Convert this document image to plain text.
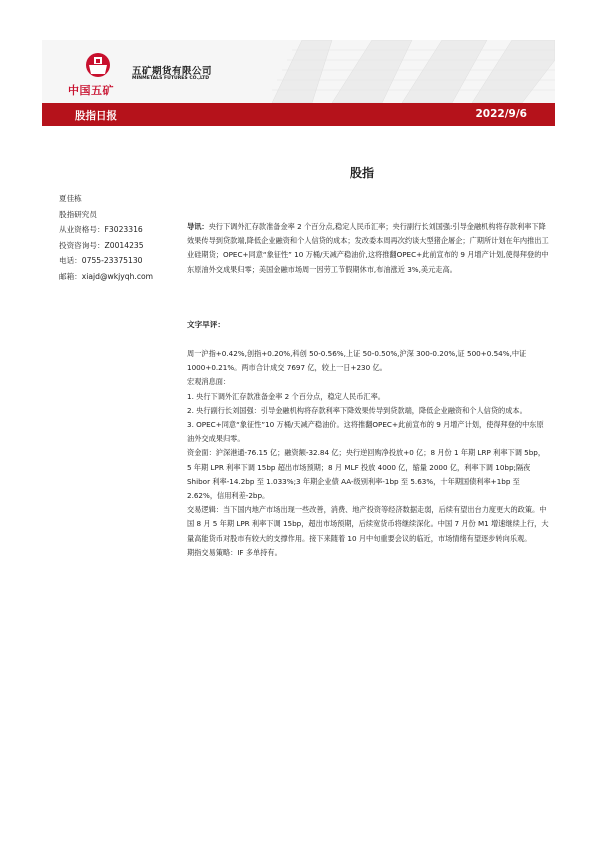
中国五矿
五矿期货有限公司
MINMETALS FUTURES CO.,LTD
股指日报	2022/9/6
夏佳栋
股指研究员
从业资格号：F3023316
投资咨询号：Z0014235
电话：0755-23375130
邮箱：xiajd@wkjyqh.com
股指

导讯：央行下调外汇存款准备金率 2 个百分点,稳定人民币汇率；央行副行长刘国强:引导金融机构将存款利率下降效果传导到贷款端,降低企业融资和个人信贷的成本；发改委本周再次约谈大型猪企屠企；广期所计划在年内推出工业硅期货；OPEC+同意“象征性” 10 万桶/天减产稳油价,这将推翻OPEC+此前宣布的 9 月增产计划,使得拜登的中东原油外交成果归零；美国金融市场周一因劳工节假期休市,布油涨近 3%,美元走高。

文字早评：

周一沪指+0.42%,创指+0.20%,科创 50-0.56%,上证 50-0.50%,沪深 300-0.20%,证 500+0.54%,中证 1000+0.21%。两市合计成交 7697 亿，较上一日+230 亿。

宏观消息面：

1. 央行下调外汇存款准备金率 2 个百分点，稳定人民币汇率。

2. 央行副行长刘国强：引导金融机构将存款利率下降效果传导到贷款端，降低企业融资和个人信贷的成本。

3. OPEC+同意“象征性”10 万桶/天减产稳油价。这将推翻OPEC+此前宣布的 9 月增产计划，使得拜登的中东原油外交成果归零。

资金面：沪深港通-76.15 亿；融资额-32.84 亿；央行逆回购净投放+0 亿；8 月份 1 年期 LRP 利率下调 5bp，5 年期 LPR 利率下调 15bp 超出市场预期；8 月 MLF 投放 4000 亿，缩量 2000 亿，利率下调 10bp;隔夜 Shibor 利率-14.2bp 至 1.033%;3 年期企业债 AA-级别利率-1bp 至 5.63%，十年期国债利率+1bp 至 2.62%，信用利差-2bp。

交易逻辑：当下国内地产市场出现一些改善，消费、地产投资等经济数据走弱，后续有望出台力度更大的政策。中国 8 月 5 年期 LPR 利率下调 15bp，超出市场预期，后续宽货币将继续深化。中国 7 月份 M1 增速继续上行，大量高能货币对股市有较大的支撑作用。接下来随着 10 月中旬重要会议的临近，市场情绪有望逐步转向乐观。

期指交易策略：IF 多单持有。
